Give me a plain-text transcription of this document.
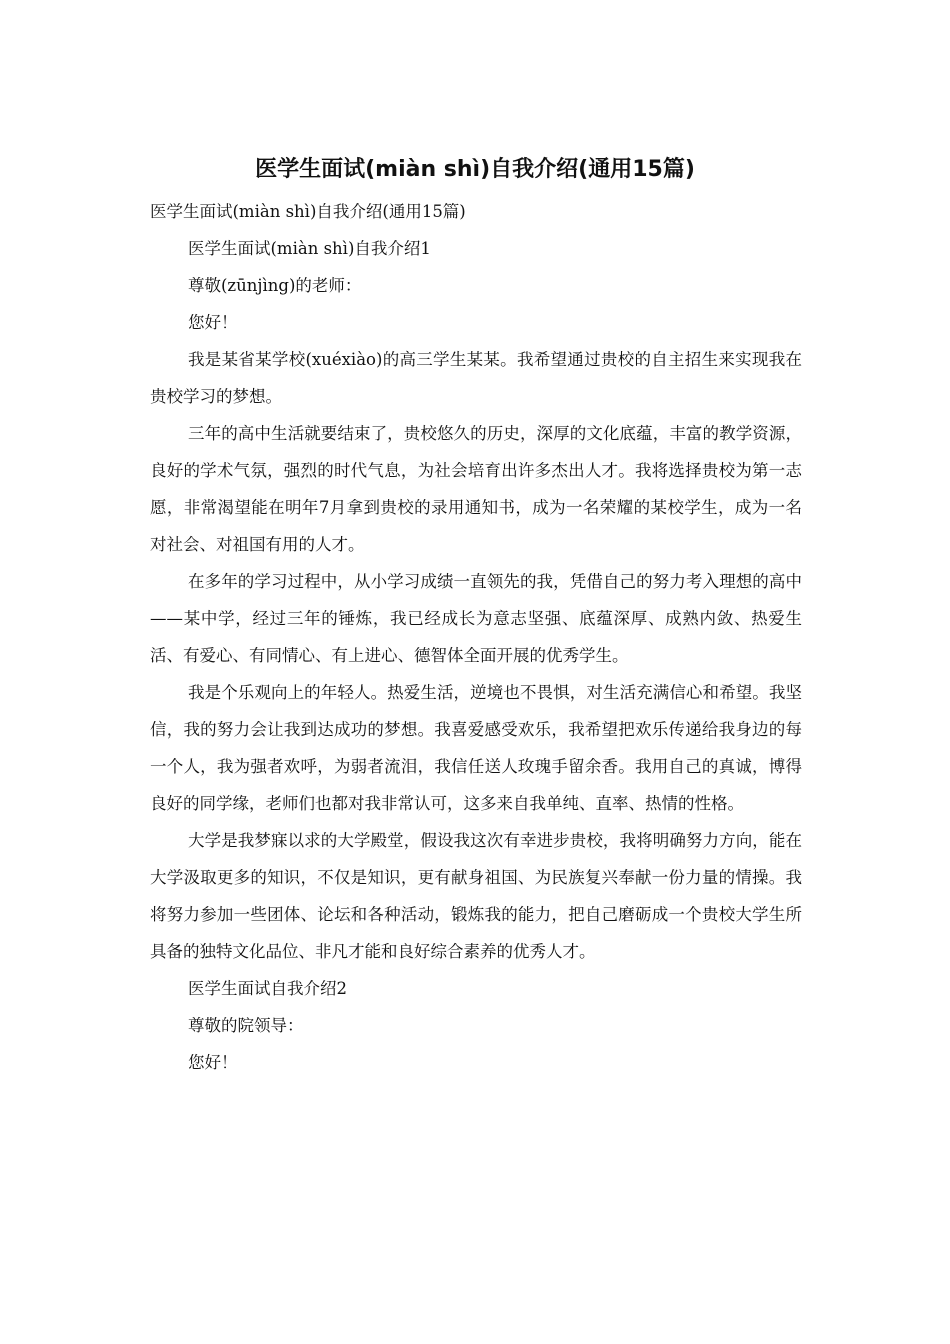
医学生面试(miàn shì)自我介绍(通用15篇)

医学生面试(miàn shì)自我介绍(通用15篇)

医学生面试(miàn shì)自我介绍1

尊敬(zūnjìng)的老师：

您好！

我是某省某学校(xuéxiào)的高三学生某某。我希望通过贵校的自主招生来实现我在贵校学习的梦想。

三年的高中生活就要结束了，贵校悠久的历史，深厚的文化底蕴，丰富的教学资源，良好的学术气氛，强烈的时代气息，为社会培育出许多杰出人才。我将选择贵校为第一志愿，非常渴望能在明年7月拿到贵校的录用通知书，成为一名荣耀的某校学生，成为一名对社会、对祖国有用的人才。

在多年的学习过程中，从小学习成绩一直领先的我，凭借自己的努力考入理想的高中——某中学，经过三年的锤炼，我已经成长为意志坚强、底蕴深厚、成熟内敛、热爱生活、有爱心、有同情心、有上进心、德智体全面开展的优秀学生。

我是个乐观向上的年轻人。热爱生活，逆境也不畏惧，对生活充满信心和希望。我坚信，我的努力会让我到达成功的梦想。我喜爱感受欢乐，我希望把欢乐传递给我身边的每一个人，我为强者欢呼，为弱者流泪，我信任送人玫瑰手留余香。我用自己的真诚，博得良好的同学缘，老师们也都对我非常认可，这多来自我单纯、直率、热情的性格。

大学是我梦寐以求的大学殿堂，假设我这次有幸进步贵校，我将明确努力方向，能在大学汲取更多的知识，不仅是知识，更有献身祖国、为民族复兴奉献一份力量的情操。我将努力参加一些团体、论坛和各种活动，锻炼我的能力，把自己磨砺成一个贵校大学生所具备的独特文化品位、非凡才能和良好综合素养的优秀人才。

医学生面试自我介绍2

尊敬的院领导：

您好！
